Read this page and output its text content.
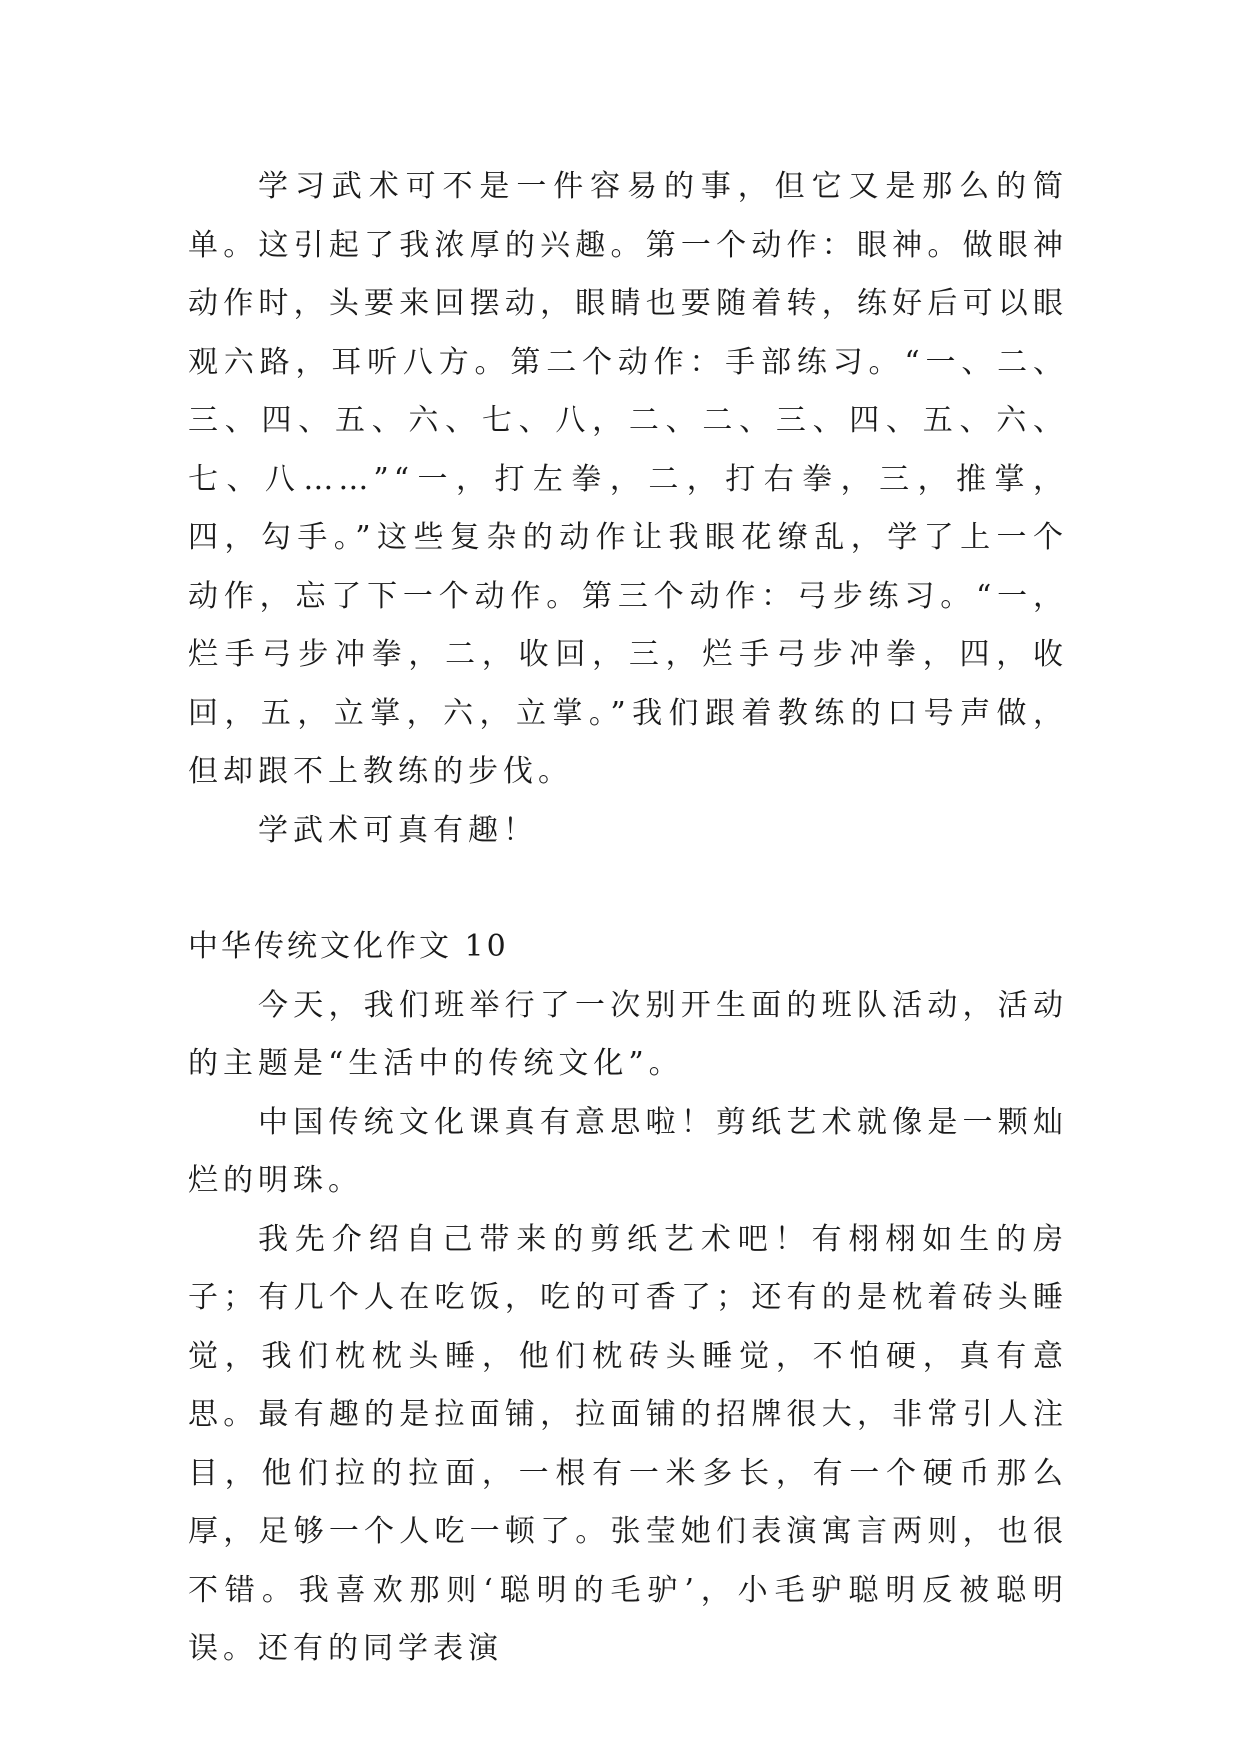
学习武术可不是一件容易的事，但它又是那么的简单。这引起了我浓厚的兴趣。第一个动作：眼神。做眼神动作时，头要来回摆动，眼睛也要随着转，练好后可以眼观六路，耳听八方。第二个动作：手部练习。“一、二、三、四、五、六、七、八，二、二、三、四、五、六、七、八……”“一，打左拳，二，打右拳，三，推掌，四，勾手。”这些复杂的动作让我眼花缭乱，学了上一个动作，忘了下一个动作。第三个动作：弓步练习。“一，烂手弓步冲拳，二，收回，三，烂手弓步冲拳，四，收回，五，立掌，六，立掌。”我们跟着教练的口号声做，但却跟不上教练的步伐。

学武术可真有趣！

中华传统文化作文 10

今天，我们班举行了一次别开生面的班队活动，活动的主题是“生活中的传统文化”。

中国传统文化课真有意思啦！剪纸艺术就像是一颗灿烂的明珠。

我先介绍自己带来的剪纸艺术吧！有栩栩如生的房子；有几个人在吃饭，吃的可香了；还有的是枕着砖头睡觉，我们枕枕头睡，他们枕砖头睡觉，不怕硬，真有意思。最有趣的是拉面铺，拉面铺的招牌很大，非常引人注目，他们拉的拉面，一根有一米多长，有一个硬币那么厚，足够一个人吃一顿了。张莹她们表演寓言两则，也很不错。我喜欢那则‘聪明的毛驴’，小毛驴聪明反被聪明误。还有的同学表演
